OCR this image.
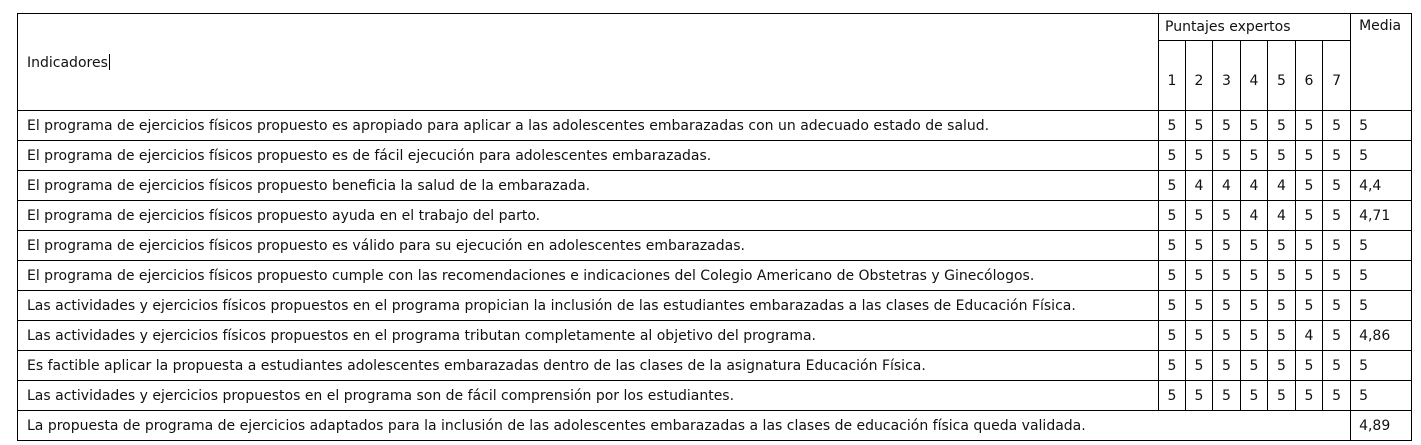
Indicadores	Puntajes expertos							Media
	1	2	3	4	5	6	7	
El programa de ejercicios físicos propuesto es apropiado para aplicar a las adolescentes embarazadas con un adecuado estado de salud.	5	5	5	5	5	5	5	5
El programa de ejercicios físicos propuesto es de fácil ejecución para adolescentes embarazadas.	5	5	5	5	5	5	5	5
El programa de ejercicios físicos propuesto beneficia la salud de la embarazada.	5	4	4	4	4	5	5	4,4
El programa de ejercicios físicos propuesto ayuda en el trabajo del parto.	5	5	5	4	4	5	5	4,71
El programa de ejercicios físicos propuesto es válido para su ejecución en adolescentes embarazadas.	5	5	5	5	5	5	5	5
El programa de ejercicios físicos propuesto cumple con las recomendaciones e indicaciones del Colegio Americano de Obstetras y Ginecólogos.	5	5	5	5	5	5	5	5
Las actividades y ejercicios físicos propuestos en el programa propician la inclusión de las estudiantes embarazadas a las clases de Educación Física.	5	5	5	5	5	5	5	5
Las actividades y ejercicios físicos propuestos en el programa tributan completamente al objetivo del programa.	5	5	5	5	5	4	5	4,86
Es factible aplicar la propuesta a estudiantes adolescentes embarazadas dentro de las clases de la asignatura Educación Física.	5	5	5	5	5	5	5	5
Las actividades y ejercicios propuestos en el programa son de fácil comprensión por los estudiantes.	5	5	5	5	5	5	5	5
La propuesta de programa de ejercicios adaptados para la inclusión de las adolescentes embarazadas a las clases de educación física queda validada.								4,89
